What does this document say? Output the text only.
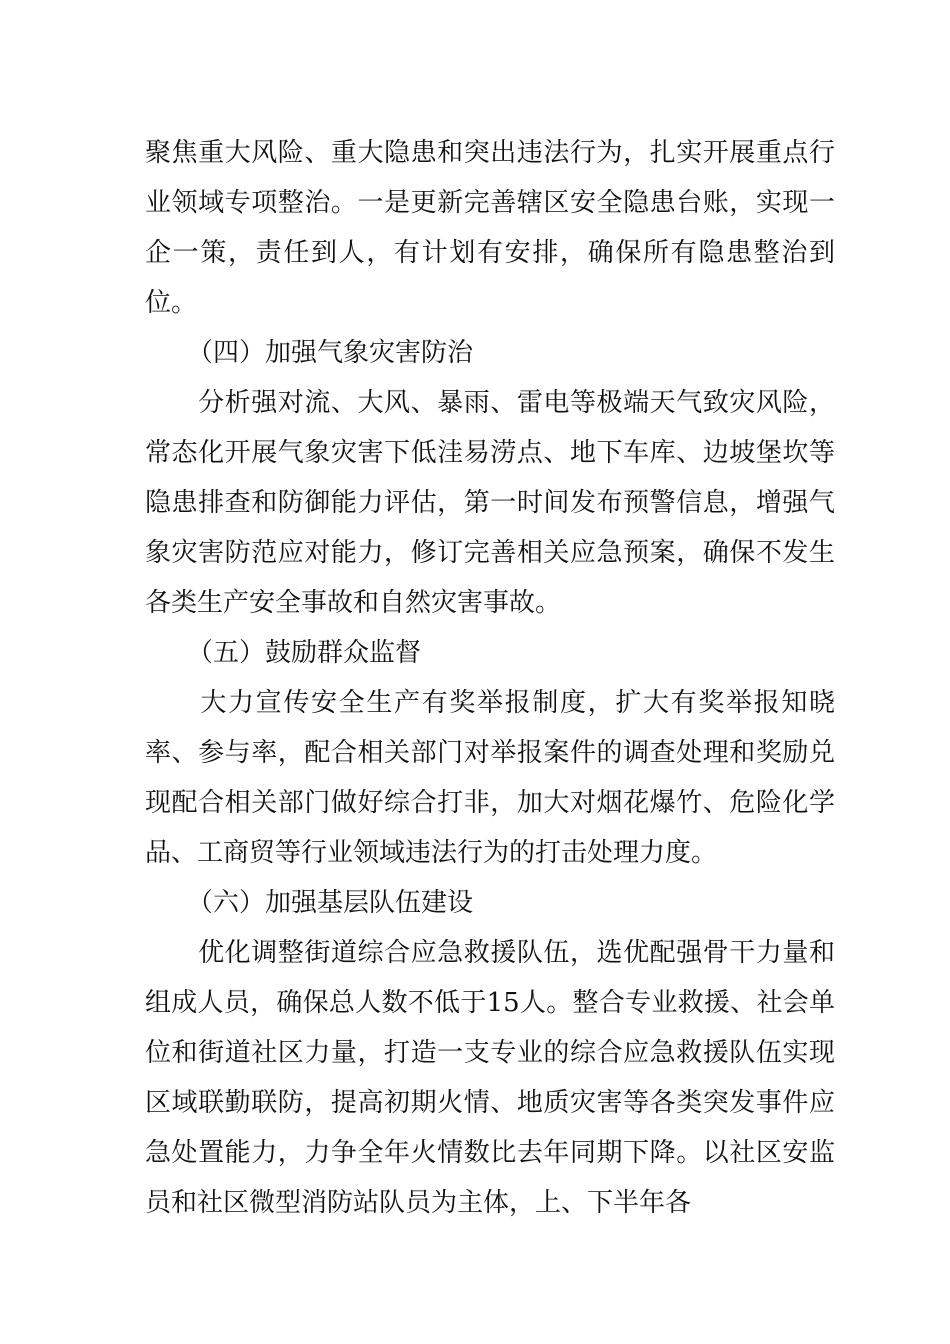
聚焦重大风险、重大隐患和突出违法行为，扎实开展重点行业领域专项整治。一是更新完善辖区安全隐患台账，实现一企一策，责任到人，有计划有安排，确保所有隐患整治到位。

（四）加强气象灾害防治

　　分析强对流、大风、暴雨、雷电等极端天气致灾风险，常态化开展气象灾害下低洼易涝点、地下车库、边坡堡坎等隐患排查和防御能力评估，第一时间发布预警信息，增强气象灾害防范应对能力，修订完善相关应急预案，确保不发生各类生产安全事故和自然灾害事故。

（五）鼓励群众监督

　　大力宣传安全生产有奖举报制度，扩大有奖举报知晓率、参与率，配合相关部门对举报案件的调查处理和奖励兑现配合相关部门做好综合打非，加大对烟花爆竹、危险化学品、工商贸等行业领域违法行为的打击处理力度。

（六）加强基层队伍建设

　　优化调整街道综合应急救援队伍，选优配强骨干力量和组成人员，确保总人数不低于15人。整合专业救援、社会单位和街道社区力量，打造一支专业的综合应急救援队伍实现区域联勤联防，提高初期火情、地质灾害等各类突发事件应急处置能力，力争全年火情数比去年同期下降。以社区安监员和社区微型消防站队员为主体，上、下半年各
